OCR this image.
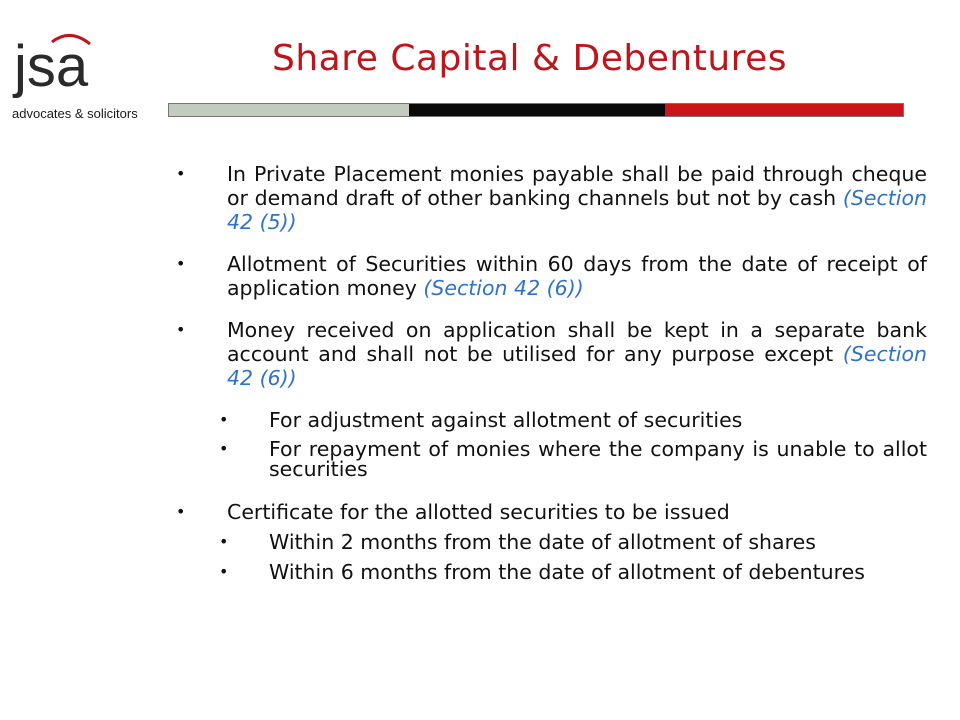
jsa
advocates & solicitors
Share Capital & Debentures
• In Private Placement monies payable shall be paid through cheque or demand draft of other banking channels but not by cash (Section 42 (5))
• Allotment of Securities within 60 days from the date of receipt of application money (Section 42 (6))
• Money received on application shall be kept in a separate bank account and shall not be utilised for any purpose except (Section 42 (6))
• For adjustment against allotment of securities
• For repayment of monies where the company is unable to allot securities
• Certificate for the allotted securities to be issued
• Within 2 months from the date of allotment of shares
• Within 6 months from the date of allotment of debentures
